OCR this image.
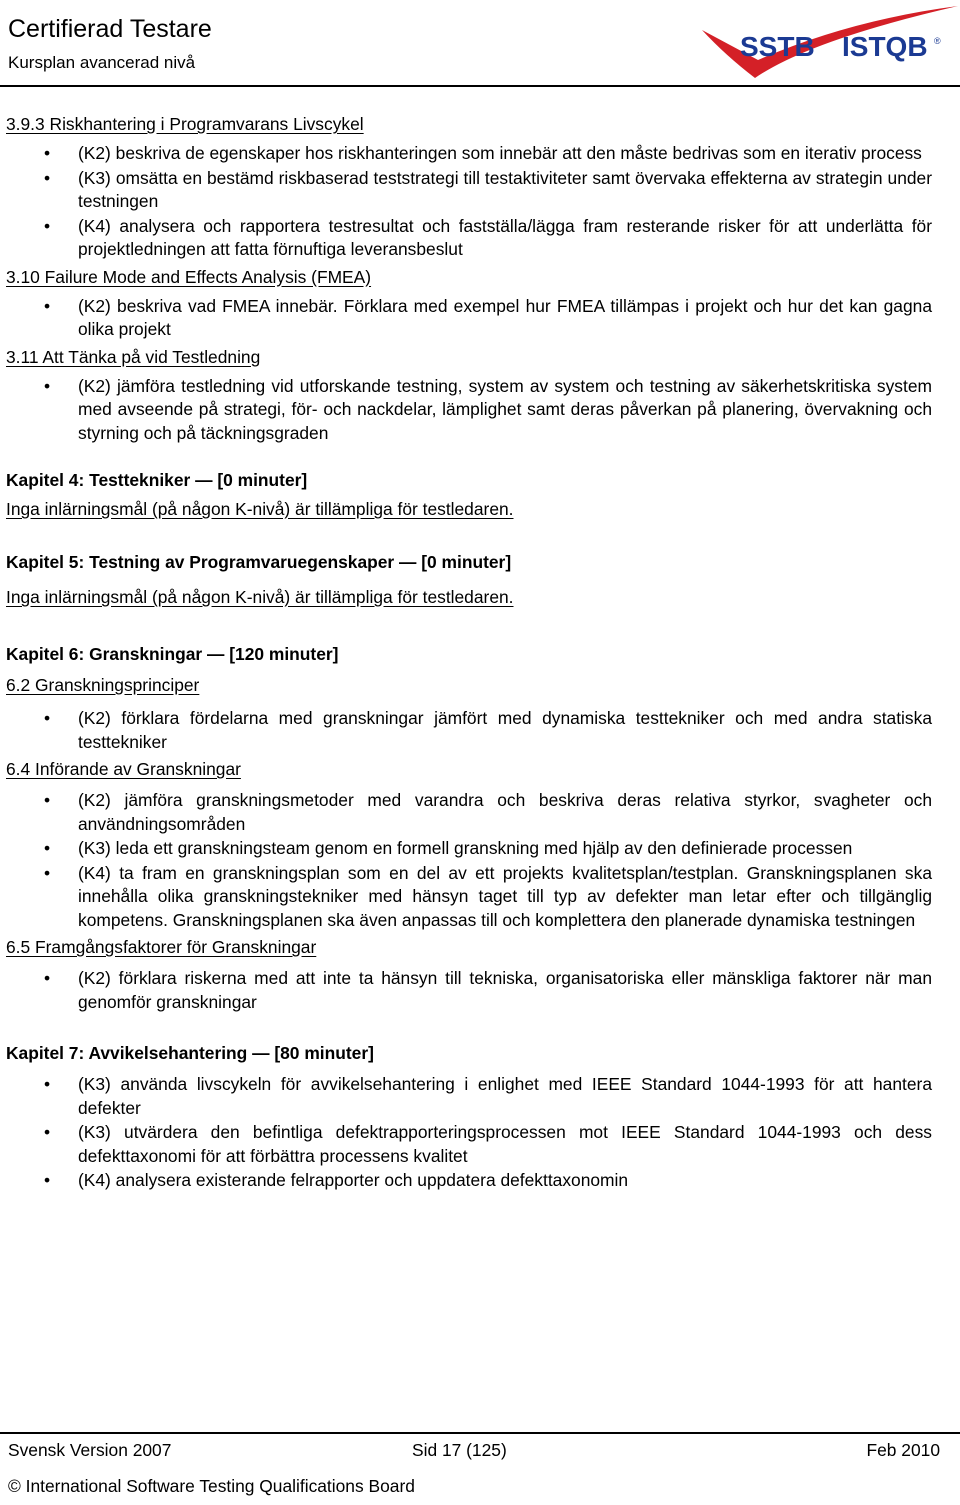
Certifierad Testare
Kursplan avancerad nivå
SSTB ISTQB ®

3.9.3 Riskhantering i Programvarans Livscykel

• (K2) beskriva de egenskaper hos riskhanteringen som innebär att den måste bedrivas som en iterativ process
• (K3) omsätta en bestämd riskbaserad teststrategi till testaktiviteter samt övervaka effekterna av strategin under testningen
• (K4) analysera och rapportera testresultat och fastställa/lägga fram resterande risker för att underlätta för projektledningen att fatta förnuftiga leveransbeslut

3.10 Failure Mode and Effects Analysis (FMEA)

• (K2) beskriva vad FMEA innebär. Förklara med exempel hur FMEA tillämpas i projekt och hur det kan gagna olika projekt

3.11 Att Tänka på vid Testledning

• (K2) jämföra testledning vid utforskande testning, system av system och testning av säkerhetskritiska system med avseende på strategi, för- och nackdelar, lämplighet samt deras påverkan på planering, övervakning och styrning och på täckningsgraden

Kapitel 4: Testtekniker — [0 minuter]

Inga inlärningsmål (på någon K-nivå) är tillämpliga för testledaren.

Kapitel 5: Testning av Programvaruegenskaper — [0 minuter]

Inga inlärningsmål (på någon K-nivå) är tillämpliga för testledaren.

Kapitel 6: Granskningar — [120 minuter]

6.2 Granskningsprinciper

• (K2) förklara fördelarna med granskningar jämfört med dynamiska testtekniker och med andra statiska testtekniker

6.4 Införande av Granskningar

• (K2) jämföra granskningsmetoder med varandra och beskriva deras relativa styrkor, svagheter och användningsområden
• (K3) leda ett granskningsteam genom en formell granskning med hjälp av den definierade processen
• (K4) ta fram en granskningsplan som en del av ett projekts kvalitetsplan/testplan. Granskningsplanen ska innehålla olika granskningstekniker med hänsyn taget till typ av defekter man letar efter och tillgänglig kompetens. Granskningsplanen ska även anpassas till och komplettera den planerade dynamiska testningen

6.5 Framgångsfaktorer för Granskningar

• (K2) förklara riskerna med att inte ta hänsyn till tekniska, organisatoriska eller mänskliga faktorer när man genomför granskningar

Kapitel 7: Avvikelsehantering — [80 minuter]

• (K3) använda livscykeln för avvikelsehantering i enlighet med IEEE Standard 1044-1993 för att hantera defekter
• (K3) utvärdera den befintliga defektrapporteringsprocessen mot IEEE Standard 1044-1993 och dess defekttaxonomi för att förbättra processens kvalitet
• (K4) analysera existerande felrapporter och uppdatera defekttaxonomin
Svensk Version 2007	Sid 17 (125)	Feb 2010
© International Software Testing Qualifications Board
